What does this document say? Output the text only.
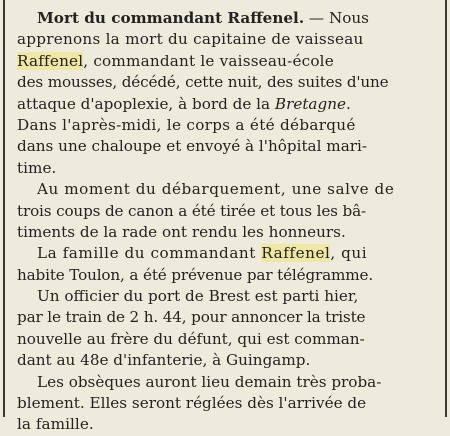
Mort du commandant Raffenel. — Nous
apprenons la mort du capitaine de vaisseau
Raffenel, commandant le vaisseau-école
des mousses, décédé, cette nuit, des suites d'une
attaque d'apoplexie, à bord de la Bretagne.
Dans l'après-midi, le corps a été débarqué
dans une chaloupe et envoyé à l'hôpital mari-
time.
Au moment du débarquement, une salve de
trois coups de canon a été tirée et tous les bâ-
timents de la rade ont rendu les honneurs.
La famille du commandant Raffenel, qui
habite Toulon, a été prévenue par télégramme.
Un officier du port de Brest est parti hier,
par le train de 2 h. 44, pour annoncer la triste
nouvelle au frère du défunt, qui est comman-
dant au 48e d'infanterie, à Guingamp.
Les obsèques auront lieu demain très proba-
blement. Elles seront réglées dès l'arrivée de
la famille.
